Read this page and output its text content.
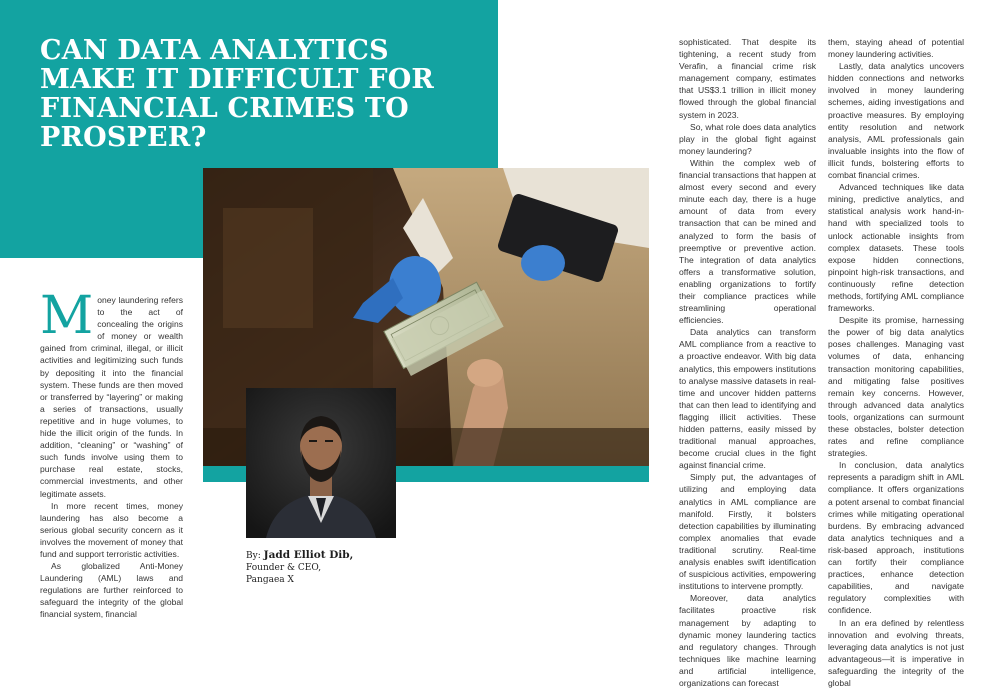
CAN DATA ANALYTICS
MAKE IT DIFFICULT FOR
FINANCIAL CRIMES TO
PROSPER?
By: Jadd Elliot Dib,
Founder & CEO,
Pangaea X

Money laundering refers to the act of concealing the origins of money or wealth gained from criminal, illegal, or illicit activities and legitimizing such funds by depositing it into the financial system. These funds are then moved or transferred by “layering” or making a series of transactions, usually repetitive and in huge volumes, to hide the illicit origin of the funds. In addition, “cleaning” or “washing” of such funds involve using them to purchase real estate, stocks, commercial investments, and other legitimate assets.

In more recent times, money laundering has also become a serious global security concern as it involves the movement of money that fund and support terroristic activities.

As globalized Anti-Money Laundering (AML) laws and regulations are further reinforced to safeguard the integrity of the global financial system, financial

sophisticated. That despite its tightening, a recent study from Verafin, a financial crime risk management company, estimates that US$3.1 trillion in illicit money flowed through the global financial system in 2023.

So, what role does data analytics play in the global fight against money laundering?

Within the complex web of financial transactions that happen at almost every second and every minute each day, there is a huge amount of data from every transaction that can be mined and analyzed to form the basis of preemptive or preventive action. The integration of data analytics offers a transformative solution, enabling organizations to fortify their compliance practices while streamlining operational efficiencies.

Data analytics can transform AML compliance from a reactive to a proactive endeavor. With big data analytics, this empowers institutions to analyse massive datasets in real-time and uncover hidden patterns that can then lead to identifying and flagging illicit activities. These hidden patterns, easily missed by traditional manual approaches, become crucial clues in the fight against financial crime.

Simply put, the advantages of utilizing and employing data analytics in AML compliance are manifold. Firstly, it bolsters detection capabilities by illuminating complex anomalies that evade traditional scrutiny. Real-time analysis enables swift identification of suspicious activities, empowering institutions to intervene promptly.

Moreover, data analytics facilitates proactive risk management by adapting to dynamic money laundering tactics and regulatory changes. Through techniques like machine learning and artificial intelligence, organizations can forecast

them, staying ahead of potential money laundering activities.

Lastly, data analytics uncovers hidden connections and networks involved in money laundering schemes, aiding investigations and proactive measures. By employing entity resolution and network analysis, AML professionals gain invaluable insights into the flow of illicit funds, bolstering efforts to combat financial crimes.

Advanced techniques like data mining, predictive analytics, and statistical analysis work hand-in-hand with specialized tools to unlock actionable insights from complex datasets. These tools expose hidden connections, pinpoint high-risk transactions, and continuously refine detection methods, fortifying AML compliance frameworks.

Despite its promise, harnessing the power of big data analytics poses challenges. Managing vast volumes of data, enhancing transaction monitoring capabilities, and mitigating false positives remain key concerns. However, through advanced data analytics tools, organizations can surmount these obstacles, bolster detection rates and refine compliance strategies.

In conclusion, data analytics represents a paradigm shift in AML compliance. It offers organizations a potent arsenal to combat financial crimes while mitigating operational burdens. By embracing advanced data analytics techniques and a risk-based approach, institutions can fortify their compliance practices, enhance detection capabilities, and navigate regulatory complexities with confidence.

In an era defined by relentless innovation and evolving threats, leveraging data analytics is not just advantageous—it is imperative in safeguarding the integrity of the global
